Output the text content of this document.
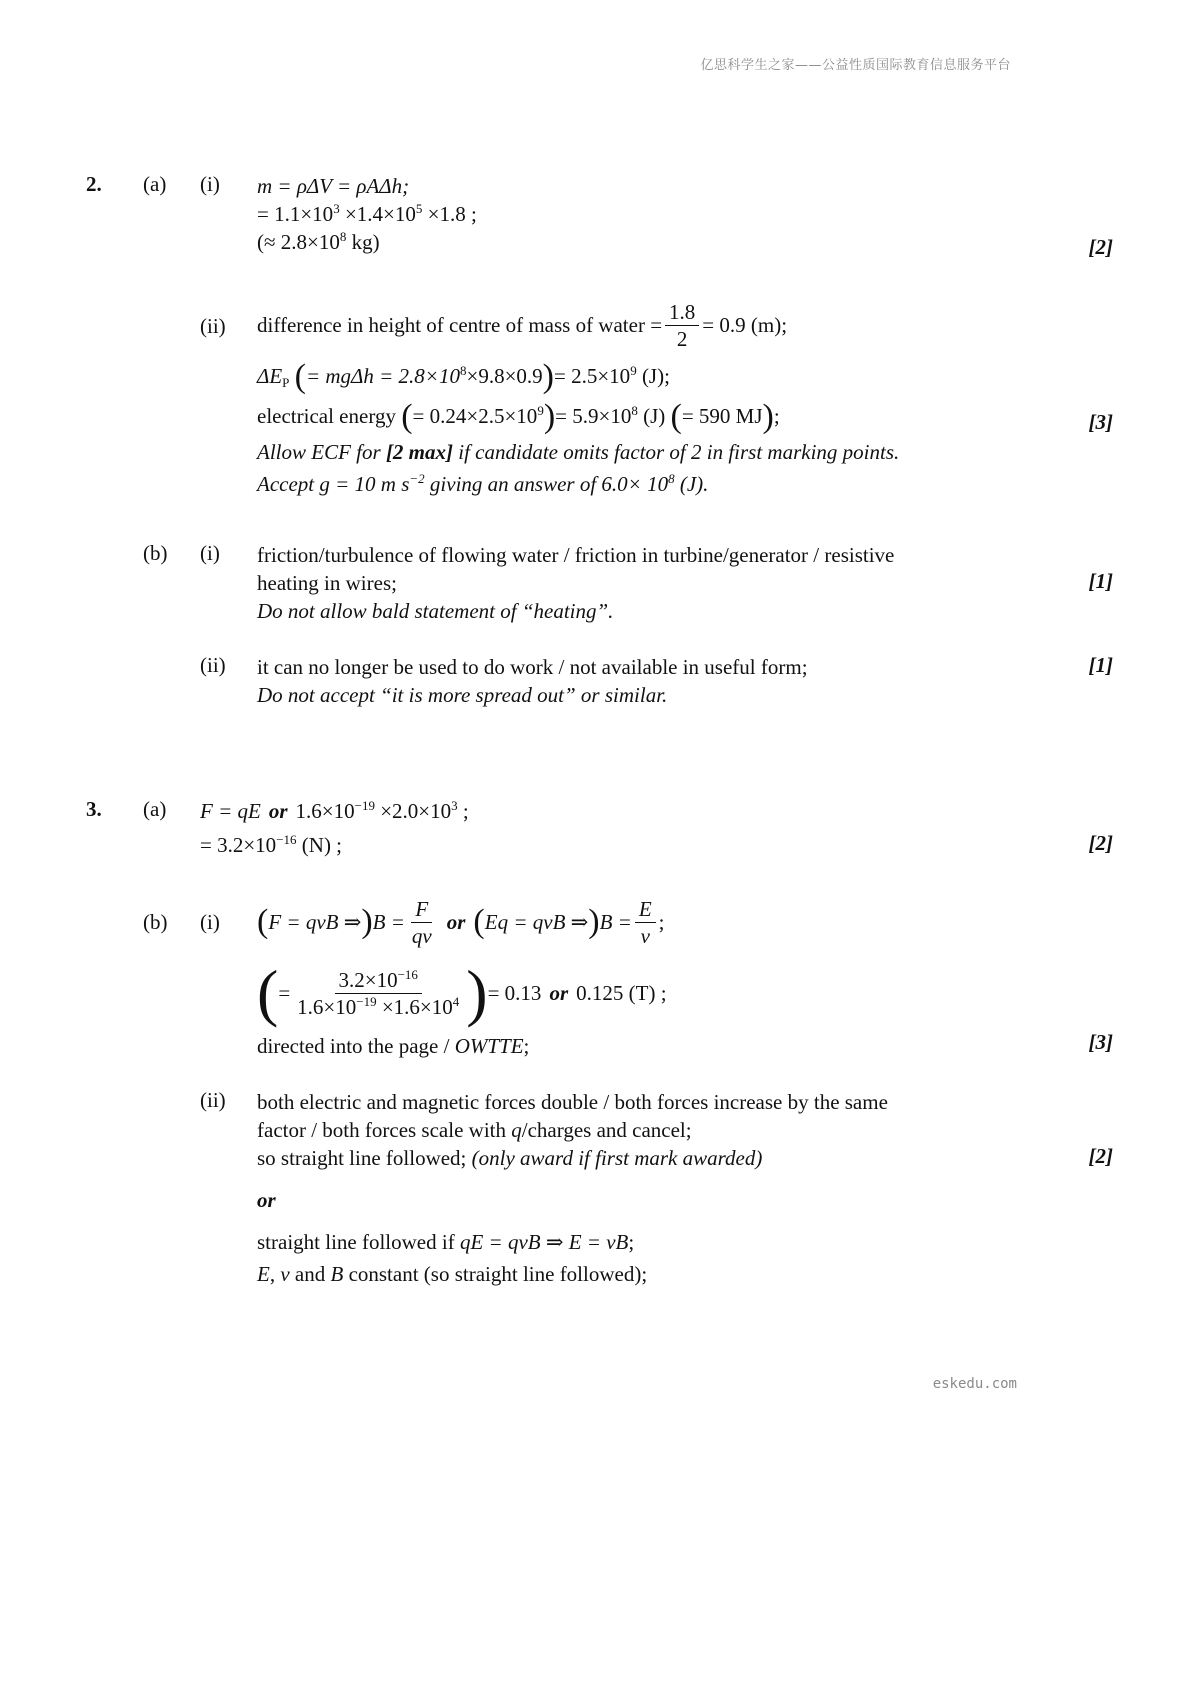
亿思科学生之家——公益性质国际教育信息服务平台
2. (a) (i) m = ρΔV = ρAΔh;
= $1.1\times 10^3 \times 1.4\times 10^5 \times 1.8$ ;
(≈ $2.8\times 10^8$ kg)	[2]
(ii) difference in height of centre of mass of water = $\frac{1.8}{2} = 0.9$ (m);
$\Delta E_P$ (= $mg\Delta h = 2.8\times 10^8\times 9.8\times 0.9)= 2.5\times 10^9$ (J);
electrical energy (= $0.24\times 2.5\times 10^9)= 5.9\times 10^8$ (J) (= 590 MJ);
Allow ECF for [2 max] if candidate omits factor of 2 in first marking points.
Accept g = 10 m $s^{-2}$ giving an answer of $6.0\times 10^8$ (J).
[3]
(b) (i) friction/turbulence of flowing water / friction in turbine/generator / resistive
heating in wires;
Do not allow bald statement of “heating”.
[1]
(ii) it can no longer be used to do work / not available in useful form;
Do not accept “it is more spread out” or similar.
[1]
3. (a) F = qE or $1.6\times 10^{-19} \times 2.0\times 10^3$ ;
= $3.2\times 10^{-16}$ (N) ;	[2]
(b) (i) ( F = qvB ⇒ ) $B = \frac{F}{qv}$ or ( Eq = qvB ⇒ ) $B = \frac{E}{v}$ ;
( = $\frac{3.2\times 10^{-16}}{1.6\times 10^{-19} \times 1.6\times 10^4}$ ) = 0.13 or 0.125 (T) ;
directed into the page / OWTTE;	[3]
(ii) both electric and magnetic forces double / both forces increase by the same
factor / both forces scale with q/charges and cancel;
so straight line followed; (only award if first mark awarded)
or
straight line followed if qE = qvB ⇒ E = vB;
E, v and B constant (so straight line followed);
[2]
eskedu.com
